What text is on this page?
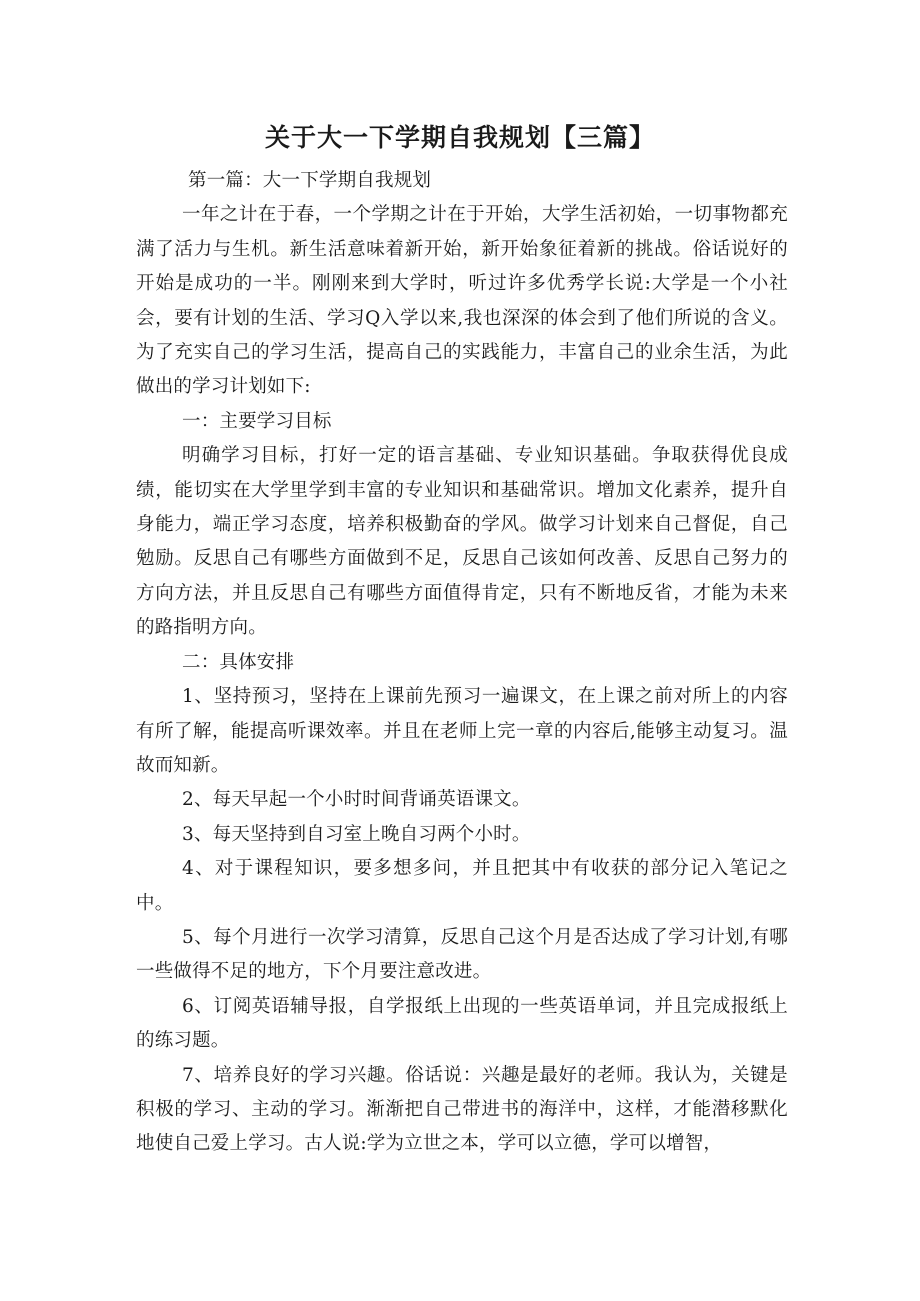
关于大一下学期自我规划【三篇】

第一篇：大一下学期自我规划

一年之计在于春，一个学期之计在于开始，大学生活初始，一切事物都充满了活力与生机。新生活意味着新开始，新开始象征着新的挑战。俗话说好的开始是成功的一半。刚刚来到大学时，听过许多优秀学长说:大学是一个小社会，要有计划的生活、学习Q入学以来,我也深深的体会到了他们所说的含义。为了充实自己的学习生活，提高自己的实践能力，丰富自己的业余生活，为此做出的学习计划如下:

一：主要学习目标

明确学习目标，打好一定的语言基础、专业知识基础。争取获得优良成绩，能切实在大学里学到丰富的专业知识和基础常识。增加文化素养，提升自身能力，端正学习态度，培养积极勤奋的学风。做学习计划来自己督促，自己勉励。反思自己有哪些方面做到不足，反思自己该如何改善、反思自己努力的方向方法，并且反思自己有哪些方面值得肯定，只有不断地反省，才能为未来的路指明方向。

二：具体安排

1、坚持预习，坚持在上课前先预习一遍课文，在上课之前对所上的内容有所了解，能提高听课效率。并且在老师上完一章的内容后,能够主动复习。温故而知新。

2、每天早起一个小时时间背诵英语课文。

3、每天坚持到自习室上晚自习两个小时。

4、对于课程知识，要多想多问，并且把其中有收获的部分记入笔记之中。

5、每个月进行一次学习清算，反思自己这个月是否达成了学习计划,有哪一些做得不足的地方，下个月要注意改进。

6、订阅英语辅导报，自学报纸上出现的一些英语单词，并且完成报纸上的练习题。

7、培养良好的学习兴趣。俗话说：兴趣是最好的老师。我认为，关键是积极的学习、主动的学习。渐渐把自己带进书的海洋中，这样，才能潜移默化地使自己爱上学习。古人说:学为立世之本，学可以立德，学可以增智，
